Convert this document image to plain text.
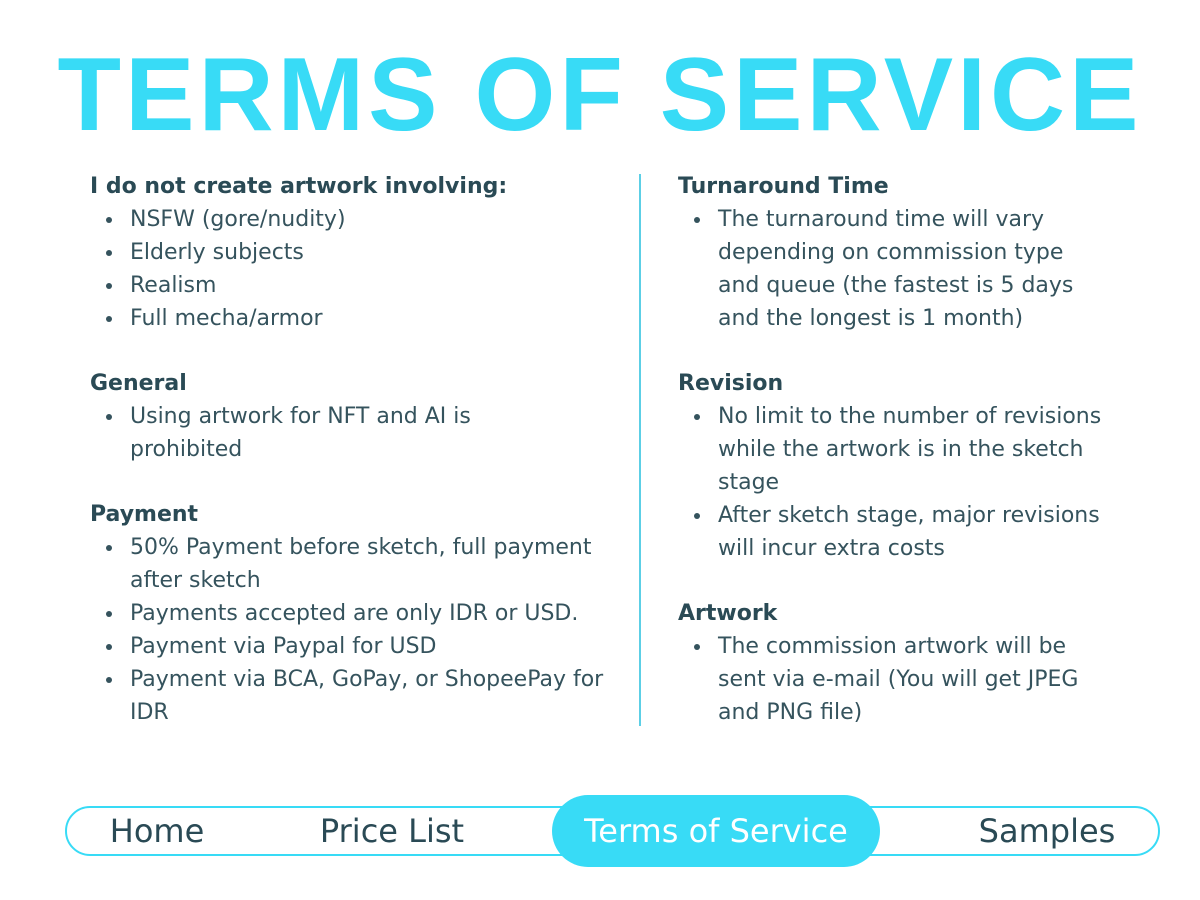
TERMS OF SERVICE
I do not create artwork involving:
NSFW (gore/nudity)
Elderly subjects
Realism
Full mecha/armor
General
Using artwork for NFT and AI is prohibited
Payment
50% Payment before sketch, full payment after sketch
Payments accepted are only IDR or USD.
Payment via Paypal for USD
Payment via BCA, GoPay, or ShopeePay for IDR
Turnaround Time
The turnaround time will vary depending on commission type and queue (the fastest is 5 days and the longest is 1 month)
Revision
No limit to the number of revisions while the artwork is in the sketch stage
After sketch stage, major revisions will incur extra costs
Artwork
The commission artwork will be sent via e-mail (You will get JPEG and PNG file)
Home	Price List	Terms of Service	Samples
